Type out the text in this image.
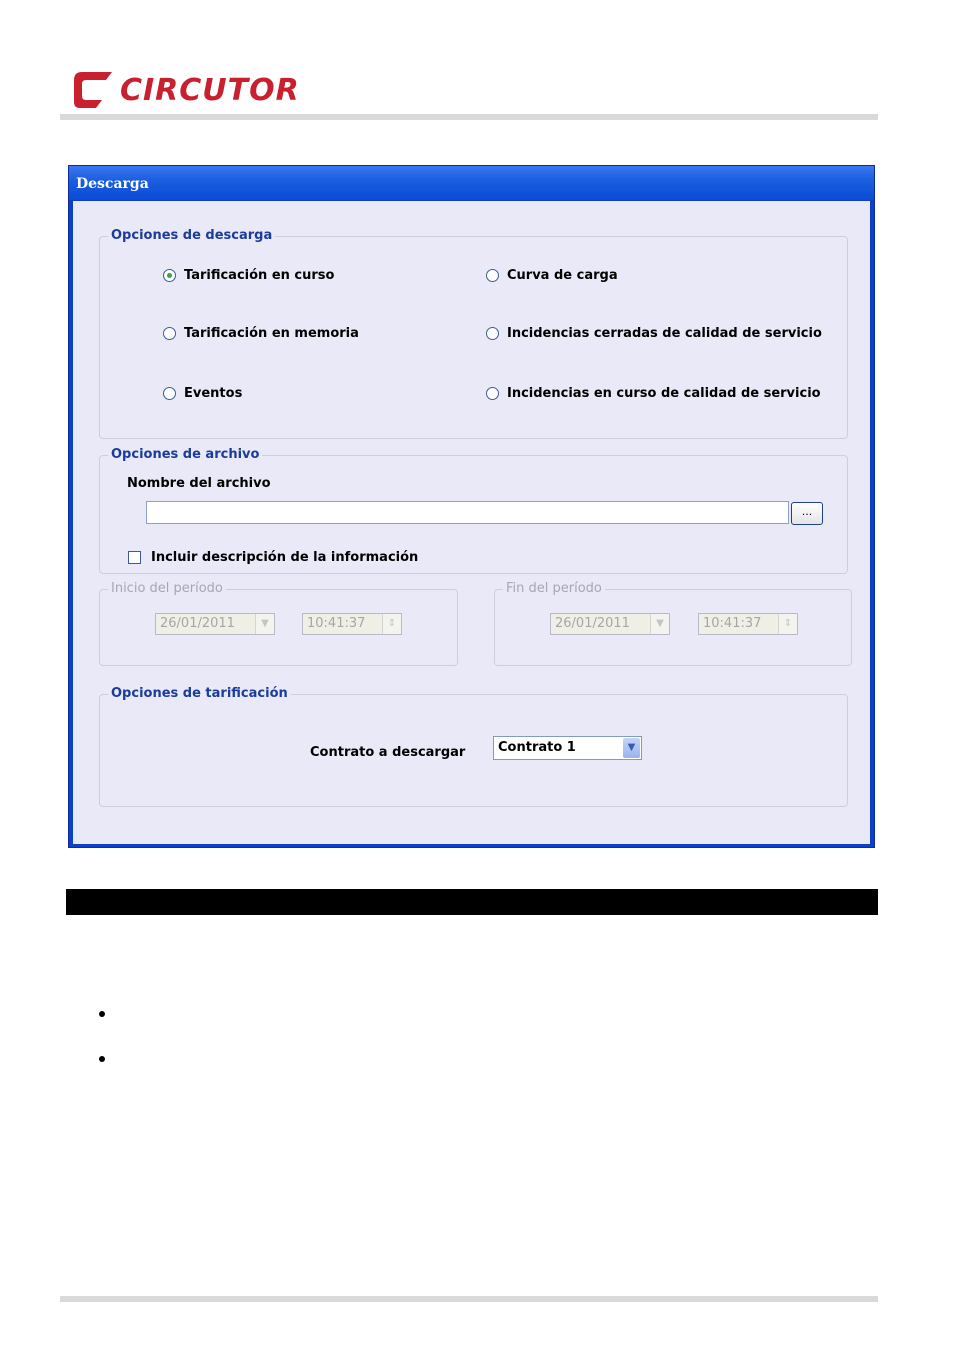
CIRCUTOR
Descarga
Opciones de descarga
Tarificación en curso	Curva de carga
Tarificación en memoria	Incidencias cerradas de calidad de servicio
Eventos	Incidencias en curso de calidad de servicio
Opciones de archivo
Nombre del archivo
...
Incluir descripción de la información
Inicio del período
26/01/2011	▼	10:41:37	⇕
Fin del período
26/01/2011	▼	10:41:37	⇕
Opciones de tarificación
Contrato a descargar	Contrato 1	▼
